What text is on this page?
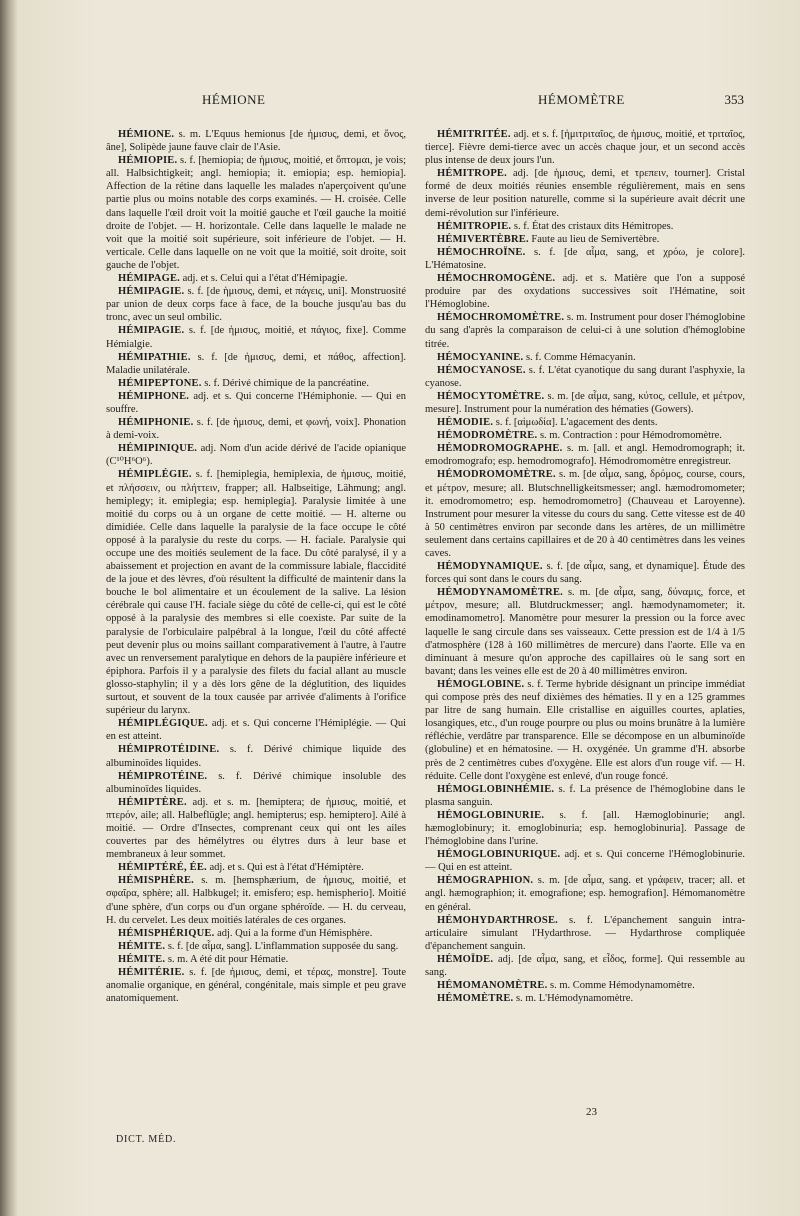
HÉMIONE	HÉMOMÈTRE	353

HÉMIONE. s. m. L'Equus hemionus [de ἡμισυς, demi, et ὄνος, âne], Solipède jaune fauve clair de l'Asie.

HÉMIOPIE. s. f. [hemiopia; de ἡμισυς, moitié, et ὄπτομαι, je vois; all. Halbsichtigkeit; angl. hemiopia; it. emiopia; esp. hemiopia]. Affection de la rétine dans laquelle les malades n'aperçoivent qu'une partie plus ou moins notable des corps examinés. — H. croisée. Celle dans laquelle l'œil droit voit la moitié gauche et l'œil gauche la moitié droite de l'objet. — H. horizontale. Celle dans laquelle le malade ne voit que la moitié soit supérieure, soit inférieure de l'objet. — H. verticale. Celle dans laquelle on ne voit que la moitié, soit droite, soit gauche de l'objet.

HÉMIPAGE. adj. et s. Celui qui a l'état d'Hémipagie.

HÉMIPAGIE. s. f. [de ἡμισυς, demi, et πάγεις, uni]. Monstruosité par union de deux corps face à face, de la bouche jusqu'au bas du tronc, avec un seul ombilic.

HÉMIPAGIE. s. f. [de ἡμισυς, moitié, et πάγιος, fixe]. Comme Hémialgie.

HÉMIPATHIE. s. f. [de ἡμισυς, demi, et πάθος, affection]. Maladie unilatérale.

HÉMIPEPTONE. s. f. Dérivé chimique de la pancréatine.

HÉMIPHONE. adj. et s. Qui concerne l'Hémiphonie. — Qui en souffre.

HÉMIPHONIE. s. f. [de ἡμισυς, demi, et φωνή, voix]. Phonation à demi-voix.

HÉMIPINIQUE. adj. Nom d'un acide dérivé de l'acide opianique (C¹⁰H⁶O⁶).

HÉMIPLÉGIE. s. f. [hemiplegia, hemiplexia, de ἡμισυς, moitié, et πλήσσειν, ou πλήττειν, frapper; all. Halbseitige, Lähmung; angl. hemiplegy; it. emiplegia; esp. hemiplegia]. Paralysie limitée à une moitié du corps ou à un organe de cette moitié. — H. alterne ou dimidiée. Celle dans laquelle la paralysie de la face occupe le côté opposé à la paralysie du reste du corps. — H. faciale. Paralysie qui occupe une des moitiés seulement de la face. Du côté paralysé, il y a abaissement et projection en avant de la commissure labiale, flaccidité de la joue et des lèvres, d'où résultent la difficulté de maintenir dans la bouche le bol alimentaire et un écoulement de la salive. La lésion cérébrale qui cause l'H. faciale siège du côté de celle-ci, qui est le côté opposé à la paralysie des membres si elle coexiste. Par suite de la paralysie de l'orbiculaire palpébral à la longue, l'œil du côté affecté peut devenir plus ou moins saillant comparativement à l'autre, à l'autre avec un renversement paralytique en dehors de la paupière inférieure et épiphora. Parfois il y a paralysie des filets du facial allant au muscle glosso-staphylin; il y a dès lors gêne de la déglutition, des liquides surtout, et souvent de la toux causée par arrivée d'aliments à l'orifice supérieur du larynx.

HÉMIPLÉGIQUE. adj. et s. Qui concerne l'Hémiplégie. — Qui en est atteint.

HÉMIPROTÉIDINE. s. f. Dérivé chimique liquide des albuminoïdes liquides.

HÉMIPROTÉINE. s. f. Dérivé chimique insoluble des albuminoïdes liquides.

HÉMIPTÈRE. adj. et s. m. [hemiptera; de ἡμισυς, moitié, et πτερόν, aile; all. Halbeflügle; angl. hemipterus; esp. hemiptero]. Ailé à moitié. — Ordre d'Insectes, comprenant ceux qui ont les ailes couvertes par des hémélytres ou élytres durs à leur base et membraneux à leur sommet.

HÉMIPTÉRÉ, ÉE. adj. et s. Qui est à l'état d'Hémiptère.

HÉMISPHÈRE. s. m. [hemsphærium, de ἡμισυς, moitié, et σφαῖρα, sphère; all. Halbkugel; it. emisfero; esp. hemispherio]. Moitié d'une sphère, d'un corps ou d'un organe sphéroïde. — H. du cerveau, H. du cervelet. Les deux moitiés latérales de ces organes.

HÉMISPHÉRIQUE. adj. Qui a la forme d'un Hémisphère.

HÉMITE. s. f. [de αἷμα, sang]. L'inflammation supposée du sang.

HÉMITE. s. m. A été dit pour Hématie.

HÉMITÉRIE. s. f. [de ἡμισυς, demi, et τέρας, monstre]. Toute anomalie organique, en général, congénitale, mais simple et peu grave anatomiquement.

HÉMITRITÉE. adj. et s. f. [ἡμιτριταῖος, de ἡμισυς, moitié, et τριταῖος, tierce]. Fièvre demi-tierce avec un accès chaque jour, et un second accès plus intense de deux jours l'un.

HÉMITROPE. adj. [de ἡμισυς, demi, et τρεπειν, tourner]. Cristal formé de deux moitiés réunies ensemble régulièrement, mais en sens inverse de leur position naturelle, comme si la supérieure avait décrit une demi-révolution sur l'inférieure.

HÉMITROPIE. s. f. État des cristaux dits Hémitropes.

HÉMIVERTÈBRE. Faute au lieu de Semivertèbre.

HÉMOCHROÏNE. s. f. [de αἷμα, sang, et χρόω, je colore]. L'Hématosine.

HÉMOCHROMOGÈNE. adj. et s. Matière que l'on a supposé produire par des oxydations successives soit l'Hématine, soit l'Hémoglobine.

HÉMOCHROMOMÈTRE. s. m. Instrument pour doser l'hémoglobine du sang d'après la comparaison de celui-ci à une solution d'hémoglobine titrée.

HÉMOCYANINE. s. f. Comme Hémacyanin.

HÉMOCYANOSE. s. f. L'état cyanotique du sang durant l'asphyxie, la cyanose.

HÉMOCYTOMÈTRE. s. m. [de αἷμα, sang, κύτος, cellule, et μέτρον, mesure]. Instrument pour la numération des hématies (Gowers).

HÉMODIE. s. f. [αἱμωδία]. L'agacement des dents.

HÉMODROMÈTRE. s. m. Contraction : pour Hémodromomètre.

HÉMODROMOGRAPHE. s. m. [all. et angl. Hemodromograph; it. emodromografo; esp. hemodromografo]. Hémodromomètre enregistreur.

HÉMODROMOMÈTRE. s. m. [de αἷμα, sang, δρόμος, course, cours, et μέτρον, mesure; all. Blutschnelligkeitsmesser; angl. hæmodromometer; it. emodromometro; esp. hemodromometro] (Chauveau et Laroyenne). Instrument pour mesurer la vitesse du cours du sang. Cette vitesse est de 40 à 50 centimètres environ par seconde dans les artères, de un millimètre seulement dans certains capillaires et de 20 à 40 centimètres dans les veines caves.

HÉMODYNAMIQUE. s. f. [de αἷμα, sang, et dynamique]. Étude des forces qui sont dans le cours du sang.

HÉMODYNAMOMÈTRE. s. m. [de αἷμα, sang, δύναμις, force, et μέτρον, mesure; all. Blutdruckmesser; angl. hæmodynamometer; it. emodinamometro]. Manomètre pour mesurer la pression ou la force avec laquelle le sang circule dans ses vaisseaux. Cette pression est de 1/4 à 1/5 d'atmosphère (128 à 160 millimètres de mercure) dans l'aorte. Elle va en diminuant à mesure qu'on approche des capillaires où le sang sort en bavant; dans les veines elle est de 20 à 40 millimètres environ.

HÉMOGLOBINE. s. f. Terme hybride désignant un principe immédiat qui compose près des neuf dixièmes des hématies. Il y en a 125 grammes par litre de sang humain. Elle cristallise en aiguilles courtes, aplaties, losangiques, etc., d'un rouge pourpre ou plus ou moins brunâtre à la lumière réfléchie, verdâtre par transparence. Elle se décompose en un albuminoïde (globuline) et en hématosine. — H. oxygénée. Un gramme d'H. absorbe près de 2 centimètres cubes d'oxygène. Elle est alors d'un rouge vif. — H. réduite. Celle dont l'oxygène est enlevé, d'un rouge foncé.

HÉMOGLOBINHÉMIE. s. f. La présence de l'hémoglobine dans le plasma sanguin.

HÉMOGLOBINURIE. s. f. [all. Hæmoglobinurie; angl. hæmoglobinury; it. emoglobinuria; esp. hemoglobinuria]. Passage de l'hémoglobine dans l'urine.

HÉMOGLOBINURIQUE. adj. et s. Qui concerne l'Hémoglobinurie. — Qui en est atteint.

HÉMOGRAPHION. s. m. [de αἷμα, sang. et γράφειν, tracer; all. et angl. hæmographion; it. emografione; esp. hemografion]. Hémomanomètre en général.

HÉMOHYDARTHROSE. s. f. L'épanchement sanguin intra-articulaire simulant l'Hydarthrose. — Hydarthrose compliquée d'épanchement sanguin.

HÉMOÏDE. adj. [de αἷμα, sang, et εἶδος, forme]. Qui ressemble au sang.

HÉMOMANOMÈTRE. s. m. Comme Hémodynamomètre.

HÉMOMÈTRE. s. m. L'Hémodynamomètre.

DICT. MÉD.
23
